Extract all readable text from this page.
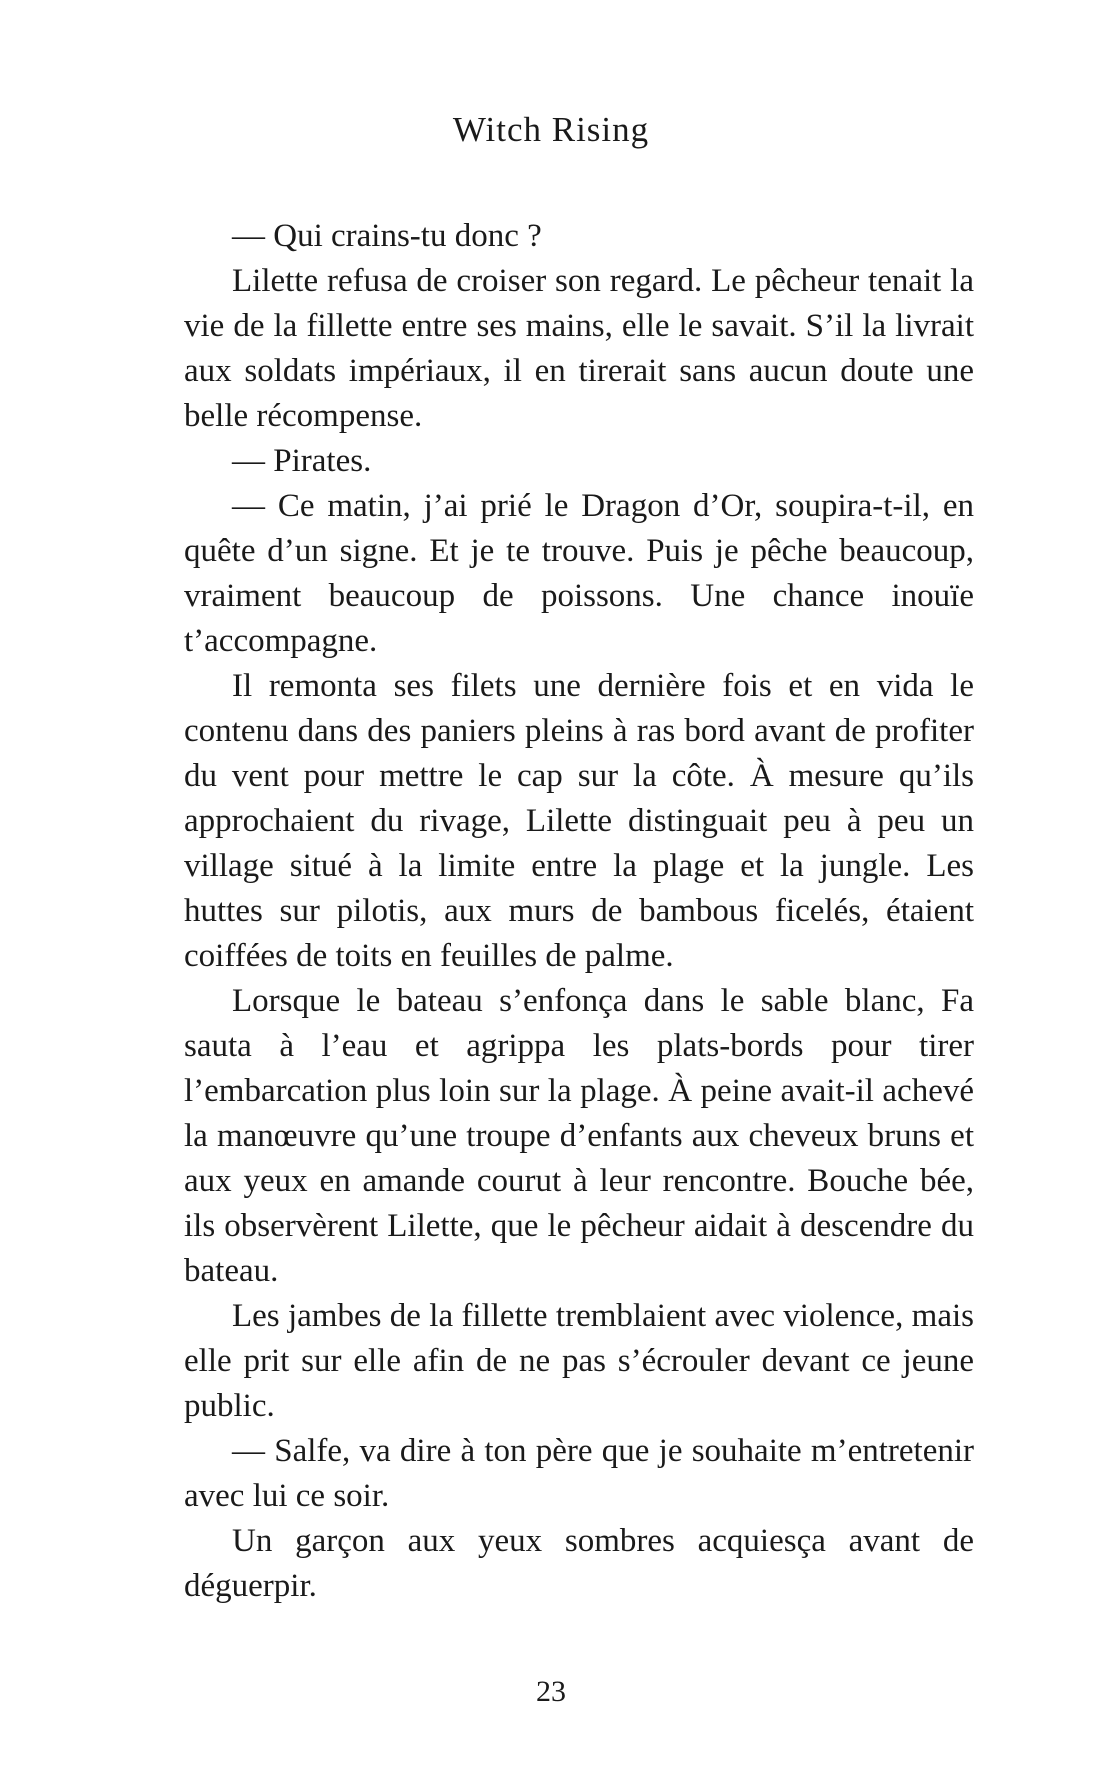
Witch Rising

— Qui crains-tu donc ?

Lilette refusa de croiser son regard. Le pêcheur tenait la vie de la fillette entre ses mains, elle le savait. S’il la livrait aux soldats impériaux, il en tirerait sans aucun doute une belle récompense.

— Pirates.

— Ce matin, j’ai prié le Dragon d’Or, soupira-t-il, en quête d’un signe. Et je te trouve. Puis je pêche beaucoup, vraiment beaucoup de poissons. Une chance inouïe t’accompagne.

Il remonta ses filets une dernière fois et en vida le contenu dans des paniers pleins à ras bord avant de profiter du vent pour mettre le cap sur la côte. À mesure qu’ils approchaient du rivage, Lilette distinguait peu à peu un village situé à la limite entre la plage et la jungle. Les huttes sur pilotis, aux murs de bambous ficelés, étaient coiffées de toits en feuilles de palme.

Lorsque le bateau s’enfonça dans le sable blanc, Fa sauta à l’eau et agrippa les plats-bords pour tirer l’embarcation plus loin sur la plage. À peine avait-il achevé la manœuvre qu’une troupe d’enfants aux cheveux bruns et aux yeux en amande courut à leur rencontre. Bouche bée, ils observèrent Lilette, que le pêcheur aidait à descendre du bateau.

Les jambes de la fillette tremblaient avec violence, mais elle prit sur elle afin de ne pas s’écrouler devant ce jeune public.

— Salfe, va dire à ton père que je souhaite m’entretenir avec lui ce soir.

Un garçon aux yeux sombres acquiesça avant de déguerpir.

23
